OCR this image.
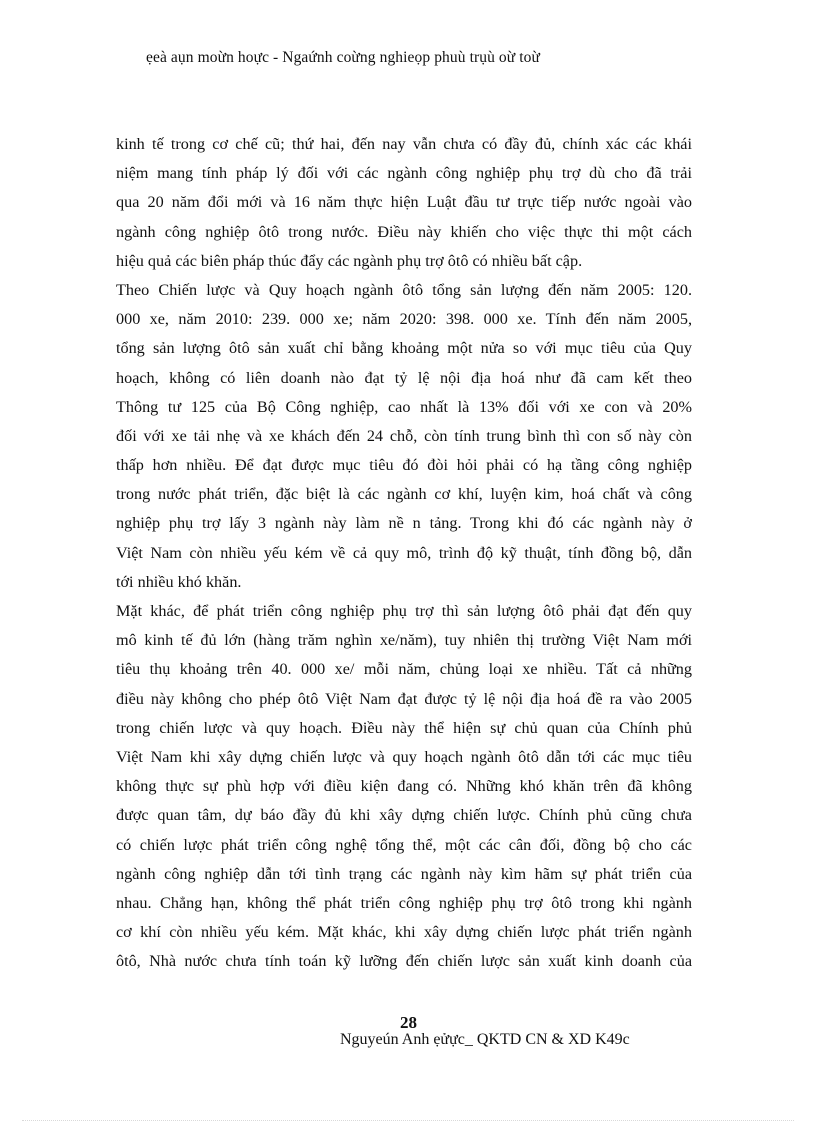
ẹeà aụn moừn hoực - Ngaứnh coừng nghieọp phuù trụù oừ toừ
kinh tế trong cơ chế cũ; thứ hai, đến nay vẫn chưa có đầy đủ, chính xác các khái
niệm mang tính pháp lý đối với các ngành công nghiệp phụ trợ dù cho đã trải
qua 20 năm đổi mới và 16 năm thực hiện Luật đầu tư trực tiếp nước ngoài vào
ngành công nghiệp ôtô trong nước. Điều này khiến cho việc thực thi một cách
hiệu quả các biên pháp thúc đẩy các ngành phụ trợ ôtô có nhiều bất cập.
Theo Chiến lược và Quy hoạch ngành ôtô tổng sản lượng đến năm 2005: 120.
000 xe, năm 2010: 239. 000 xe; năm 2020: 398. 000 xe. Tính đến năm 2005,
tổng sản lượng ôtô sản xuất chỉ bằng khoảng một nửa so với mục tiêu của Quy
hoạch, không có liên doanh nào đạt tỷ lệ nội địa hoá như đã cam kết theo
Thông tư 125 của Bộ Công nghiệp, cao nhất là 13% đối với xe con và 20%
đối với xe tải nhẹ và xe khách đến 24 chỗ, còn tính trung bình thì con số này còn
thấp hơn nhiều. Để đạt được mục tiêu đó đòi hỏi phải có hạ tầng công nghiệp
trong nước phát triển, đặc biệt là các ngành cơ khí, luyện kim, hoá chất và công
nghiệp phụ trợ lấy 3 ngành này làm nề n tảng. Trong khi đó các ngành này ở
Việt Nam còn nhiều yếu kém về cả quy mô, trình độ kỹ thuật, tính đồng bộ, dẫn
tới nhiều khó khăn.
Mặt khác, để phát triển công nghiệp phụ trợ thì sản lượng ôtô phải đạt đến quy
mô kinh tế đủ lớn (hàng trăm nghìn xe/năm), tuy nhiên thị trường Việt Nam mới
tiêu thụ khoảng trên 40. 000 xe/ mỗi năm, chủng loại xe nhiều. Tất cả những
điều này không cho phép ôtô Việt Nam đạt được tỷ lệ nội địa hoá đề ra vào 2005
trong chiến lược và quy hoạch. Điều này thể hiện sự chủ quan của Chính phủ
Việt Nam khi xây dựng chiến lược và quy hoạch ngành ôtô dẫn tới các mục tiêu
không thực sự phù hợp với điều kiện đang có. Những khó khăn trên đã không
được quan tâm, dự báo đầy đủ khi xây dựng chiến lược. Chính phủ cũng chưa
có chiến lược phát triển công nghệ tổng thể, một các cân đối, đồng bộ cho các
ngành công nghiệp dẫn tới tình trạng các ngành này kìm hãm sự phát triển của
nhau. Chẳng hạn, không thể phát triển công nghiệp phụ trợ ôtô trong khi ngành
cơ khí còn nhiều yếu kém. Mặt khác, khi xây dựng chiến lược phát triển ngành
ôtô, Nhà nước chưa tính toán kỹ lưỡng đến chiến lược sản xuất kinh doanh của
28
Nguyeún Anh ẹửực_ QKTD CN & XD K49c
